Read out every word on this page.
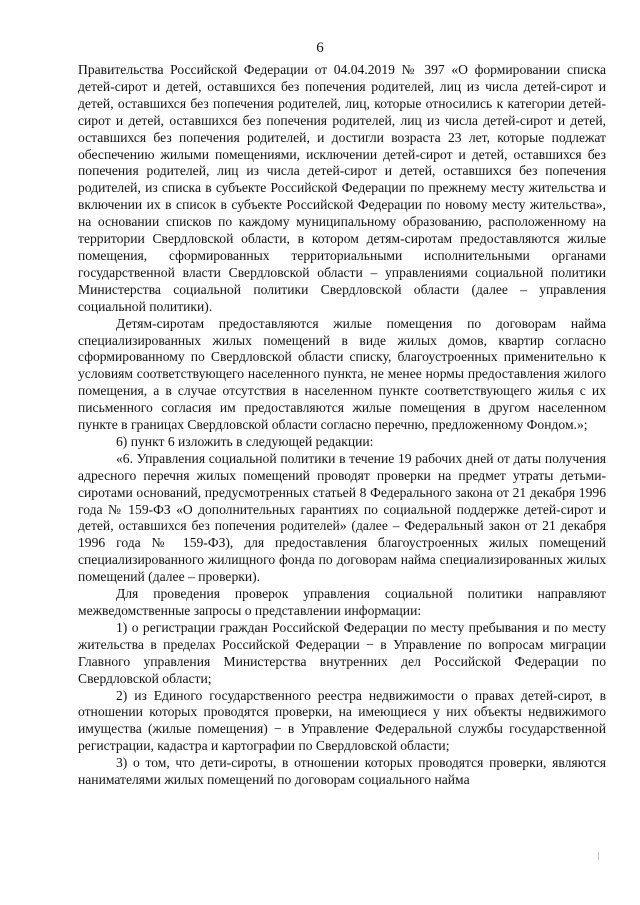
6

Правительства Российской Федерации от 04.04.2019 № 397 «О формировании списка детей-сирот и детей, оставшихся без попечения родителей, лиц из числа детей-сирот и детей, оставшихся без попечения родителей, лиц, которые относились к категории детей-сирот и детей, оставшихся без попечения родителей, лиц из числа детей-сирот и детей, оставшихся без попечения родителей, и достигли возраста 23 лет, которые подлежат обеспечению жилыми помещениями, исключении детей-сирот и детей, оставшихся без попечения родителей, лиц из числа детей-сирот и детей, оставшихся без попечения родителей, из списка в субъекте Российской Федерации по прежнему месту жительства и включении их в список в субъекте Российской Федерации по новому месту жительства», на основании списков по каждому муниципальному образованию, расположенному на территории Свердловской области, в котором детям-сиротам предоставляются жилые помещения, сформированных территориальными исполнительными органами государственной власти Свердловской области – управлениями социальной политики Министерства социальной политики Свердловской области (далее – управления социальной политики).

Детям-сиротам предоставляются жилые помещения по договорам найма специализированных жилых помещений в виде жилых домов, квартир согласно сформированному по Свердловской области списку, благоустроенных применительно к условиям соответствующего населенного пункта, не менее нормы предоставления жилого помещения, а в случае отсутствия в населенном пункте соответствующего жилья с их письменного согласия им предоставляются жилые помещения в другом населенном пункте в границах Свердловской области согласно перечню, предложенному Фондом.»;

6) пункт 6 изложить в следующей редакции:

«6. Управления социальной политики в течение 19 рабочих дней от даты получения адресного перечня жилых помещений проводят проверки на предмет утраты детьми-сиротами оснований, предусмотренных статьей 8 Федерального закона от 21 декабря 1996 года № 159-ФЗ «О дополнительных гарантиях по социальной поддержке детей-сирот и детей, оставшихся без попечения родителей» (далее – Федеральный закон от 21 декабря 1996 года № 159-ФЗ), для предоставления благоустроенных жилых помещений специализированного жилищного фонда по договорам найма специализированных жилых помещений (далее – проверки).

Для проведения проверок управления социальной политики направляют межведомственные запросы о представлении информации:

1) о регистрации граждан Российской Федерации по месту пребывания и по месту жительства в пределах Российской Федерации − в Управление по вопросам миграции Главного управления Министерства внутренних дел Российской Федерации по Свердловской области;

2) из Единого государственного реестра недвижимости о правах детей-сирот, в отношении которых проводятся проверки, на имеющиеся у них объекты недвижимого имущества (жилые помещения) − в Управление Федеральной службы государственной регистрации, кадастра и картографии по Свердловской области;

3) о том, что дети-сироты, в отношении которых проводятся проверки, являются нанимателями жилых помещений по договорам социального найма
